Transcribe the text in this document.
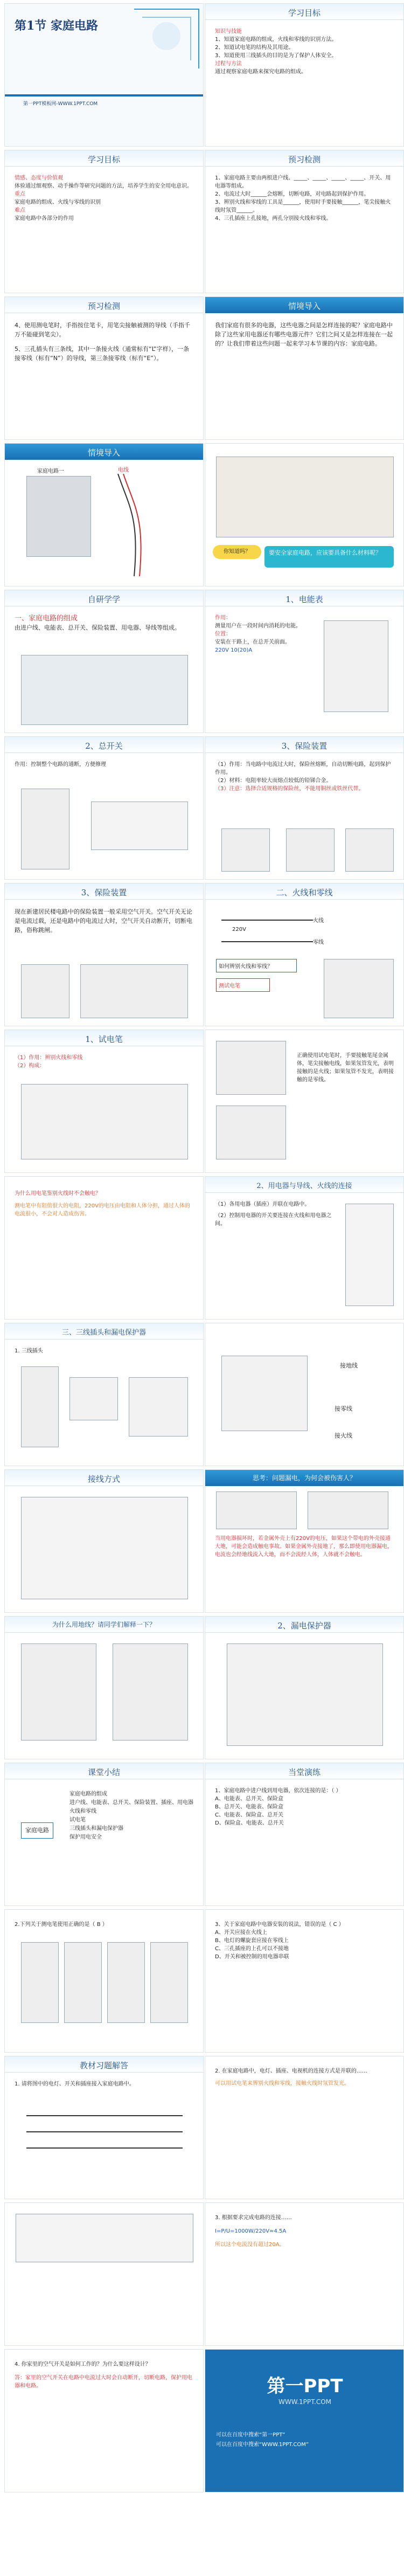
第1节 家庭电路
第一PPT模板网-WWW.1PPT.COM
学习目标
知识与技能
1、知道家庭电路的组成，火线和零线的识别方法。
2、知道试电笔的结构及其用途。
3、知道使用三线插头的目的是为了保护人体安全。
过程与方法
通过观察家庭电路来探究电路的组成。
学习目标
情感、态度与价值观
体验通过细观察、动手操作等研究问题的方法，培养学生的安全用电意识。
重点
家庭电路的组成、火线与零线的识别
难点
家庭电路中各部分的作用
预习检测
1、家庭电路主要由两根进户线、_____、_____、_____、_____、开关、用电器等组成。
2、电流过大时______会熔断，切断电路，对电路起到保护作用。
3、辨别火线和零线的工具是______，使用时手要接触______，笔尖接触火线时氖管______。
4、三孔插座上孔接地，两孔分别接火线和零线。
预习检测
4、使用测电笔时，手指按住笔卡，用笔尖接触被测的导线（手指千万不能碰到笔尖）。
5、三孔插头有三条线，其中一条接火线（通常标有“L”字样），一条接零线（标有“N”）的导线，第三条接零线（标有“E”）。
情境导入
我们家庭有很多的电器，这些电器之间是怎样连接的呢？家庭电路中除了这些家用电器还有哪些电器元件？它们之间又是怎样连接在一起的？让我们带着这些问题一起来学习本节课的内容：家庭电路。
情境导入
家庭电路一	电线
你知道吗？	要安全家庭电路，应该要具备什么材料呢？
自研学学
一、家庭电路的组成
由进户线、电能表、总开关、保险装置、用电器、导线等组成。
1、电能表
作用：
测量用户在一段时间内消耗的电能。
位置：
安装在干路上，在总开关前面。
220V 10(20)A
2、总开关
作用：控制整个电路的通断，方便修理
3、保险装置
（1）作用：当电路中电流过大时，保险丝熔断，自动切断电路，起到保护作用。
（2）材料：电阻率较大而熔点较低的铅锑合金。
（3）注意：选择合适规格的保险丝，不能用铜丝或铁丝代替。
3、保险装置
现在新建居民楼电路中的保险装置一般采用空气开关。空气开关无论是电流过载，还是电路中的电流过大时，空气开关自动断开，切断电路，俗称跳闸。
二、火线和零线
220V
火线
零线
如何辨别火线和零线？
测试电笔
1、试电笔
（1）作用：辨别火线和零线
（2）构成：
正确使用试电笔时，手要接触笔尾金属体，笔尖接触电线，如果氖管发光，表明接触的是火线；如果氖管不发光，表明接触的是零线。
为什么用电笔鉴别火线时不会触电？
测电笔中有阻值很大的电阻，220V的电压由电阻和人体分担，通过人体的电流很小，不会对人造成伤害。
2、用电器与导线、火线的连接
（1）各用电器（插座）并联在电路中。
（2）控制用电器的开关要连接在火线和用电器之间。
三、三线插头和漏电保护器
1. 三线插头
接地线
接零线
接火线
接线方式	思考：问题漏电，为何会被伤害人？
当用电器损坏时，若金属外壳上有220V的电压，如果这个带电的外壳接通大地，可能会造成触电事故。如果金属外壳接地了，那么即使用电器漏电，电流也会经地线流入大地，而不会流经人体，人体就不会触电。
为什么用地线？请同学们解释一下？	2、漏电保护器
课堂小结
家庭电路
家庭电路的组成
进户线、电能表、总开关、保险装置、插座、用电器
火线和零线
试电笔
三线插头和漏电保护器
保护用电安全
当堂演练
1、家庭电路中进户线到用电器，依次连接的是：（ ）
A、电能表、总开关、保险盒
B、总开关、电能表、保险盒
C、电能表、保险盒、总开关
D、保险盒、电能表、总开关
2.下列关于测电笔使用正确的是（ B ）	3、关于家庭电路中电器安装的说法，错误的是（ C ）
A、开关应接在火线上
B、电灯的螺旋套应接在零线上
C、三孔插座的上孔可以不接地
D、开关和被控制的用电器串联
教材习题解答
1. 请将图中的电灯、开关和插座接入家庭电路中。
2. 在家庭电路中，电灯、插座、电视机的连接方式是并联的……
可以用试电笔来辨别火线和零线，接触火线时氖管发光。
3. 根据要求完成电路的连接……
I=P/U=1000W/220V≈4.5A
所以这个电流没有超过20A。
4. 你家里的空气开关是如何工作的？为什么要这样设计？
答：家里的空气开关在电路中电流过大时会自动断开，切断电路，保护用电器和电路。	第一PPT
WWW.1PPT.COM
可以在百度中搜索“第一PPT”
可以在百度中搜索“WWW.1PPT.COM”
